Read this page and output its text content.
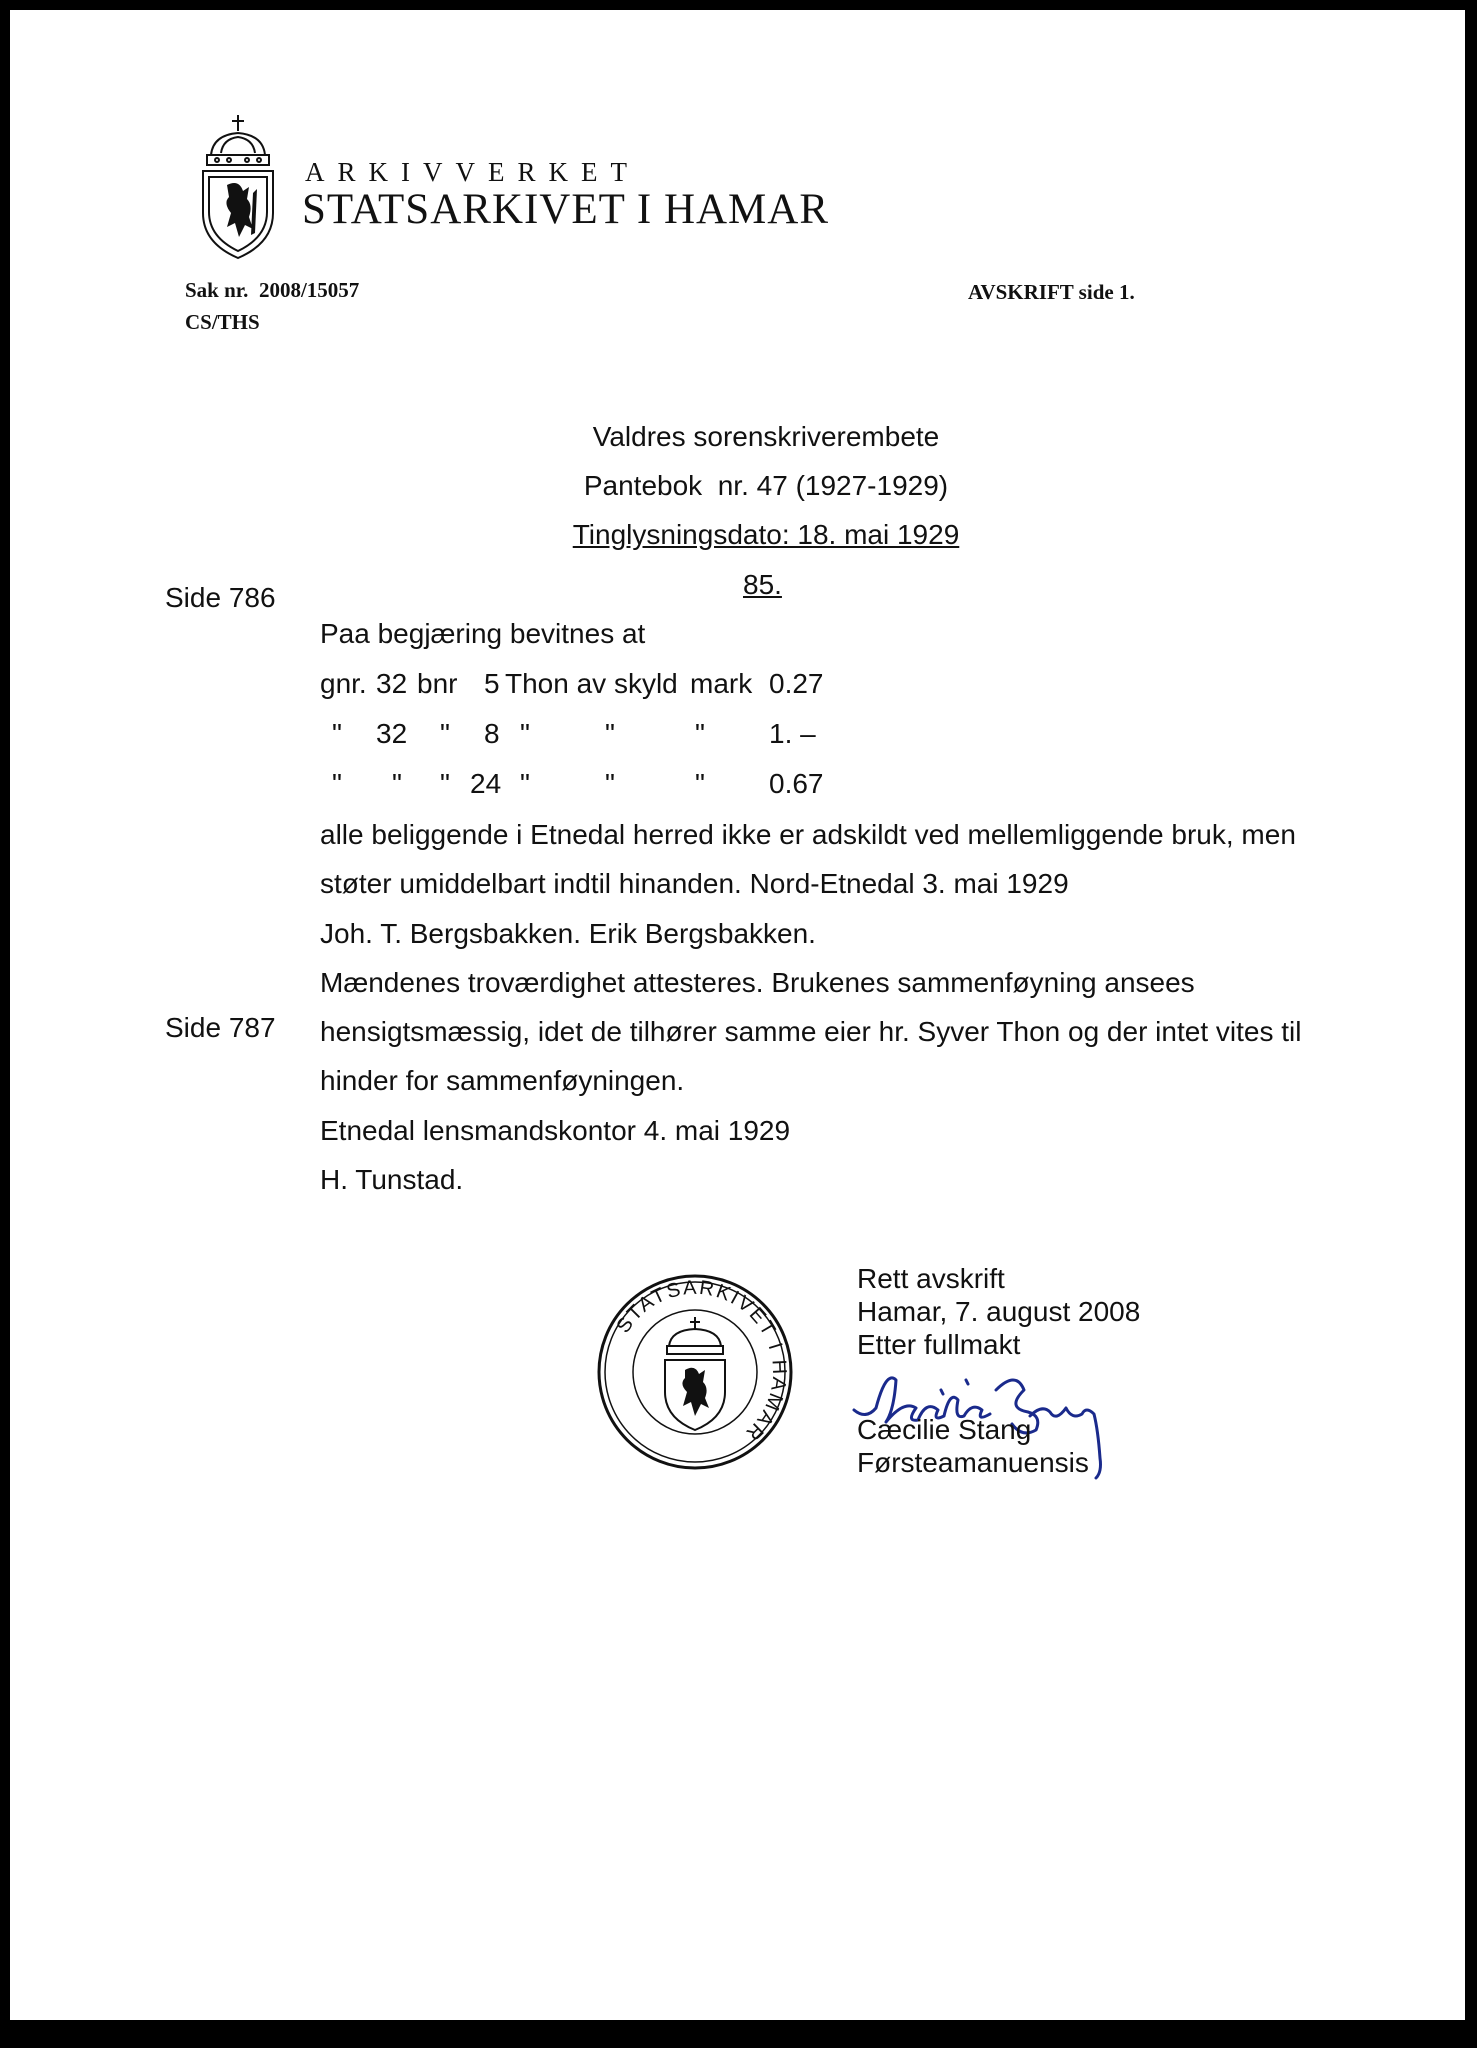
ARKIVVERKET
STATSARKIVET I HAMAR
Sak nr. 2008/15057
CS/THS
AVSKRIFT side 1.
Valdres sorenskriverembete
Pantebok  nr. 47 (1927-1929)
Tinglysningsdato: 18. mai 1929
85.
Side 786
Side 787
Paa begjæring bevitnes at
gnr. 32 bnr 5 Thon av skyld mark 0.27
" 32 " 8 "	"	" 1. –
" " " 24 "	"	" 0.67
alle beliggende i Etnedal herred ikke er adskildt ved mellemliggende bruk, men
støter umiddelbart indtil hinanden. Nord-Etnedal 3. mai 1929
Joh. T. Bergsbakken. Erik Bergsbakken.
Mændenes troværdighet attesteres. Brukenes sammenføyning ansees
hensigtsmæssig, idet de tilhører samme eier hr. Syver Thon og der intet vites til
hinder for sammenføyningen.
Etnedal lensmandskontor 4. mai 1929
H. Tunstad.
STATSARKIVET I HAMAR
Rett avskrift
Hamar, 7. august 2008
Etter fullmakt
Cæcilie Stang
Førsteamanuensis
